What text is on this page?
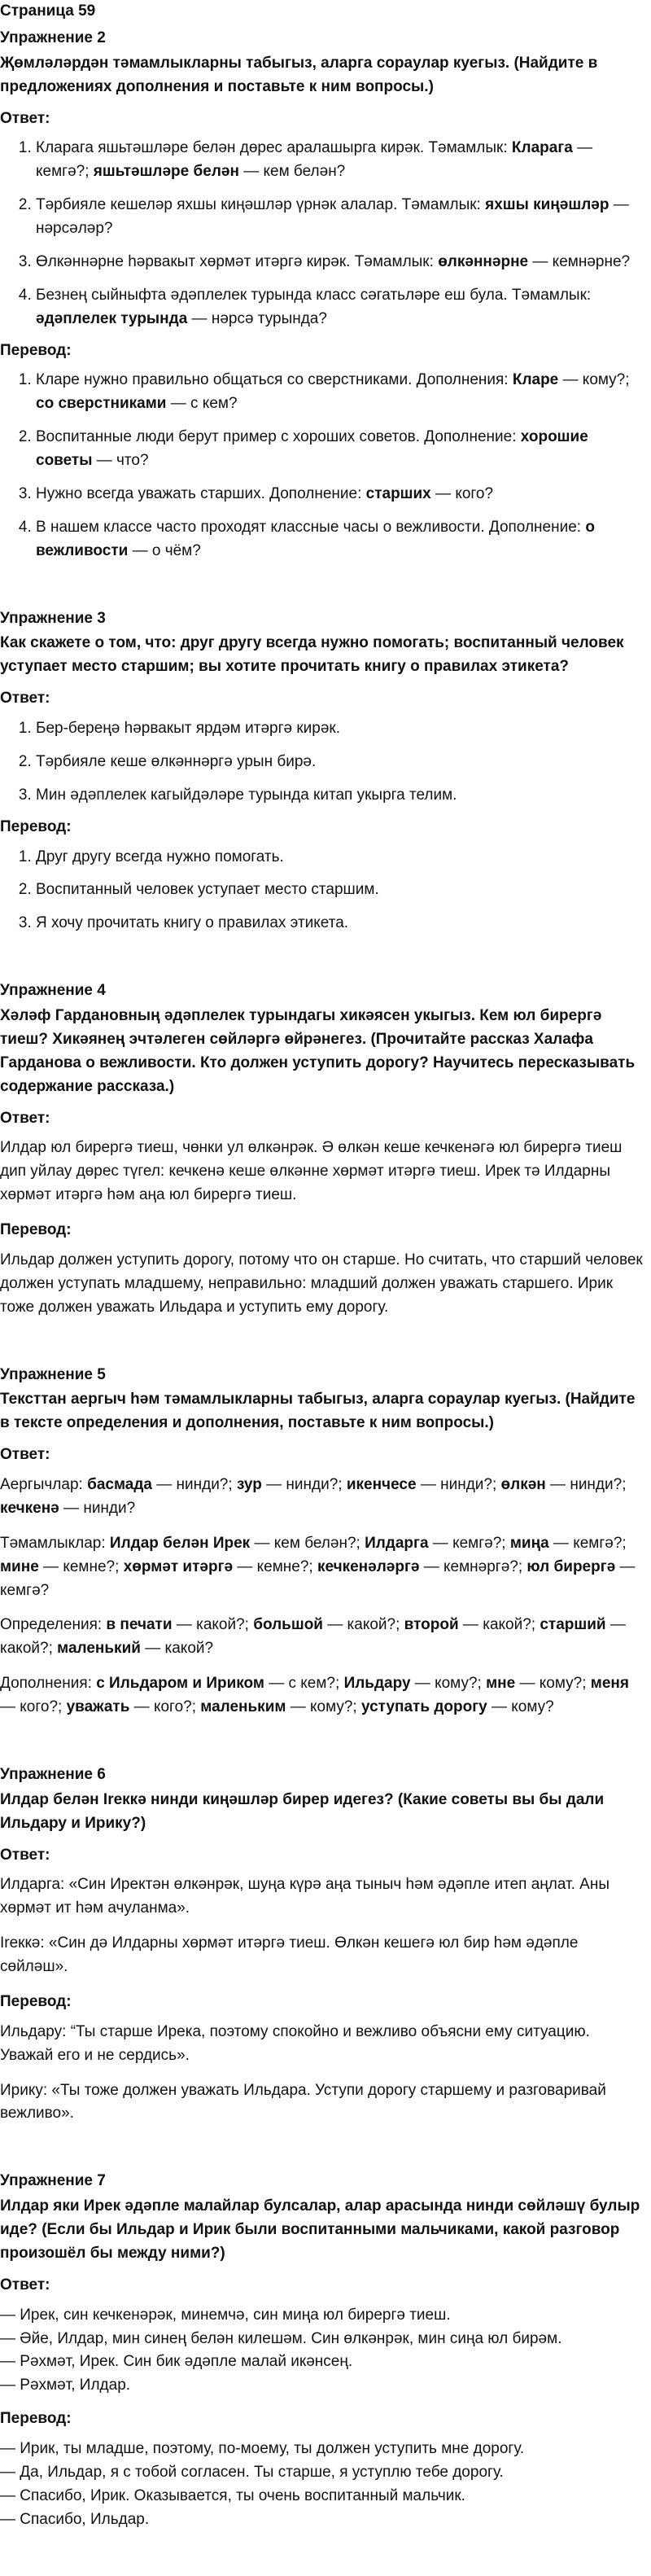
Страница 59
Упражнение 2
Җөмләләрдән тәмамлыкларны табыгыз, аларга сораулар куегыз. (Найдите в предложениях дополнения и поставьте к ним вопросы.)
Ответ:
1. Кларага яшьтәшләре белән дөрес аралашырга кирәк. Тәмамлык: Кларага — кемгә?; яшьтәшләре белән — кем белән?
2. Тәрбияле кешеләр яхшы киңәшләр үрнәк алалар. Тәмамлык: яхшы киңәшләр — нәрсәләр?
3. Өлкәннәрне һәрвакыт хөрмәт итәргә кирәк. Тәмамлык: өлкәннәрне — кемнәрне?
4. Безнең сыйныфта әдәплелек турында класс сәгатьләре еш була. Тәмамлык: әдәплелек турында — нәрсә турында?
Перевод:
1. Кларе нужно правильно общаться со сверстниками. Дополнения: Кларе — кому?; со сверстниками — с кем?
2. Воспитанные люди берут пример с хороших советов. Дополнение: хорошие советы — что?
3. Нужно всегда уважать старших. Дополнение: старших — кого?
4. В нашем классе часто проходят классные часы о вежливости. Дополнение: о вежливости — о чём?
Упражнение 3
Как скажете о том, что: друг другу всегда нужно помогать; воспитанный человек уступает место старшим; вы хотите прочитать книгу о правилах этикета?
Ответ:
1. Бер-береңә һәрвакыт ярдәм итәргә кирәк.
2. Тәрбияле кеше өлкәннәргә урын бирә.
3. Мин әдәплелек кагыйдәләре турында китап укырга телим.
Перевод:
1. Друг другу всегда нужно помогать.
2. Воспитанный человек уступает место старшим.
3. Я хочу прочитать книгу о правилах этикета.
Упражнение 4
Хәләф Гардановның әдәплелек турындагы хикәясен укыгыз. Кем юл бирергә тиеш? Хикәянең эчтәлеген сөйләргә өйрәнегез. (Прочитайте рассказ Халафа Гарданова о вежливости. Кто должен уступить дорогу? Научитесь пересказывать содержание рассказа.)
Ответ:

Илдар юл бирергә тиеш, чөнки ул өлкәнрәк. Ә өлкән кеше кечкенәгә юл бирергә тиеш дип уйлау дөрес түгел: кечкенә кеше өлкәнне хөрмәт итәргә тиеш. Ирек тә Илдарны хөрмәт итәргә һәм аңа юл бирергә тиеш.

Перевод:

Ильдар должен уступить дорогу, потому что он старше. Но считать, что старший человек должен уступать младшему, неправильно: младший должен уважать старшего. Ирик тоже должен уважать Ильдара и уступить ему дорогу.

Упражнение 5
Тексттан аергыч һәм тәмамлыкларны табыгыз, аларга сораулар куегыз. (Найдите в тексте определения и дополнения, поставьте к ним вопросы.)
Ответ:

Аергычлар: басмада — нинди?; зур — нинди?; икенчесе — нинди?; өлкән — нинди?; кечкенә — нинди?

Тәмамлыклар: Илдар белән Ирек — кем белән?; Илдарга — кемгә?; миңа — кемгә?; мине — кемне?; хөрмәт итәргә — кемне?; кечкенәләргә — кемнәргә?; юл бирергә — кемгә?

Определения: в печати — какой?; большой — какой?; второй — какой?; старший — какой?; маленький — какой?

Дополнения: с Ильдаром и Ириком — с кем?; Ильдару — кому?; мне — кому?; меня — кого?; уважать — кого?; маленьким — кому?; уступать дорогу — кому?

Упражнение 6
Илдар белән Ireккә нинди киңәшләр бирер идегез? (Какие советы вы бы дали Ильдару и Ирику?)
Ответ:

Илдарга: «Син Иректән өлкәнрәк, шуңа күрә аңа тыныч һәм әдәпле итеп аңлат. Аны хөрмәт ит һәм ачуланма».

Ireккә: «Син дә Илдарны хөрмәт итәргә тиеш. Өлкән кешегә юл бир һәм әдәпле сөйләш».

Перевод:

Ильдару: “Ты старше Ирека, поэтому спокойно и вежливо объясни ему ситуацию. Уважай его и не сердись».

Ирику: «Ты тоже должен уважать Ильдара. Уступи дорогу старшему и разговаривай вежливо».

Упражнение 7
Илдар яки Ирек әдәпле малайлар булсалар, алар арасында нинди сөйләшү булыр иде? (Если бы Ильдар и Ирик были воспитанными мальчиками, какой разговор произошёл бы между ними?)
Ответ:

— Ирек, син кечкенәрәк, минемчә, син миңа юл бирергә тиеш.

— Әйе, Илдар, мин синең белән килешәм. Син өлкәнрәк, мин сиңа юл бирәм.

— Рәхмәт, Ирек. Син бик әдәпле малай икәнсең.

— Рәхмәт, Илдар.

Перевод:

— Ирик, ты младше, поэтому, по-моему, ты должен уступить мне дорогу.

— Да, Ильдар, я с тобой согласен. Ты старше, я уступлю тебе дорогу.

— Спасибо, Ирик. Оказывается, ты очень воспитанный мальчик.

— Спасибо, Ильдар.
